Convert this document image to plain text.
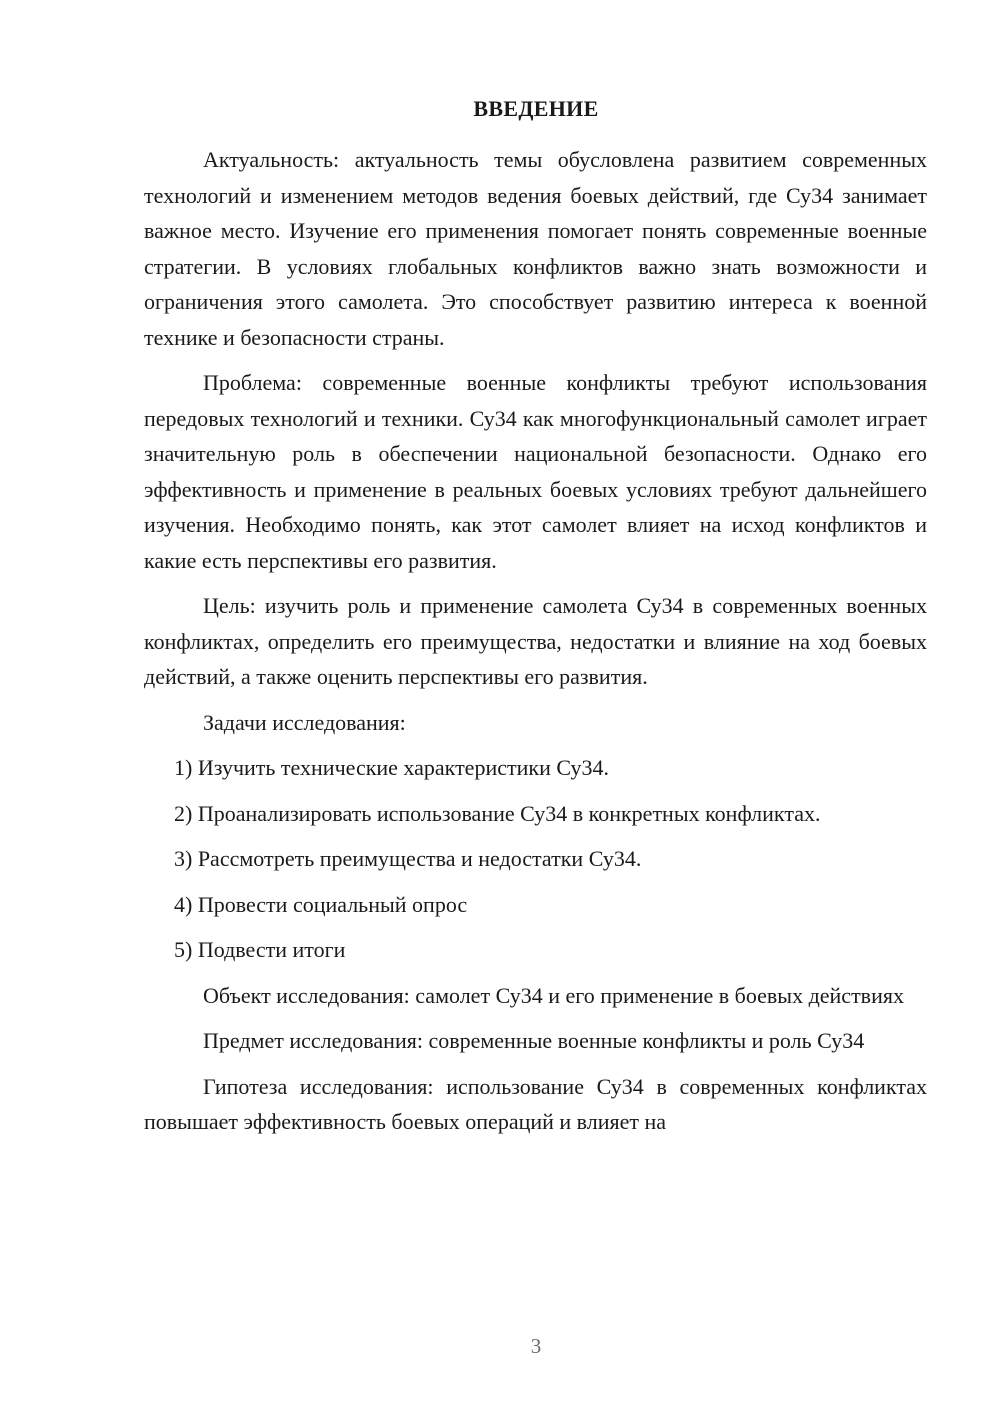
ВВЕДЕНИЕ

Актуальность: актуальность темы обусловлена развитием современных технологий и изменением методов ведения боевых действий, где Су34 занимает важное место. Изучение его применения помогает понять современные военные стратегии. В условиях глобальных конфликтов важно знать возможности и ограничения этого самолета. Это способствует развитию интереса к военной технике и безопасности страны.

Проблема: современные военные конфликты требуют использования передовых технологий и техники. Су34 как многофункциональный самолет играет значительную роль в обеспечении национальной безопасности. Однако его эффективность и применение в реальных боевых условиях требуют дальнейшего изучения. Необходимо понять, как этот самолет влияет на исход конфликтов и какие есть перспективы его развития.

Цель: изучить роль и применение самолета Су34 в современных военных конфликтах, определить его преимущества, недостатки и влияние на ход боевых действий, а также оценить перспективы его развития.

Задачи исследования:

1) Изучить технические характеристики Су34.

2) Проанализировать использование Су34 в конкретных конфликтах.

3) Рассмотреть преимущества и недостатки Су34.

4) Провести социальный опрос

5) Подвести итоги

Объект исследования: самолет Су34 и его применение в боевых действиях

Предмет исследования: современные военные конфликты и роль Су34

Гипотеза исследования: использование Су34 в современных конфликтах повышает эффективность боевых операций и влияет на

3
